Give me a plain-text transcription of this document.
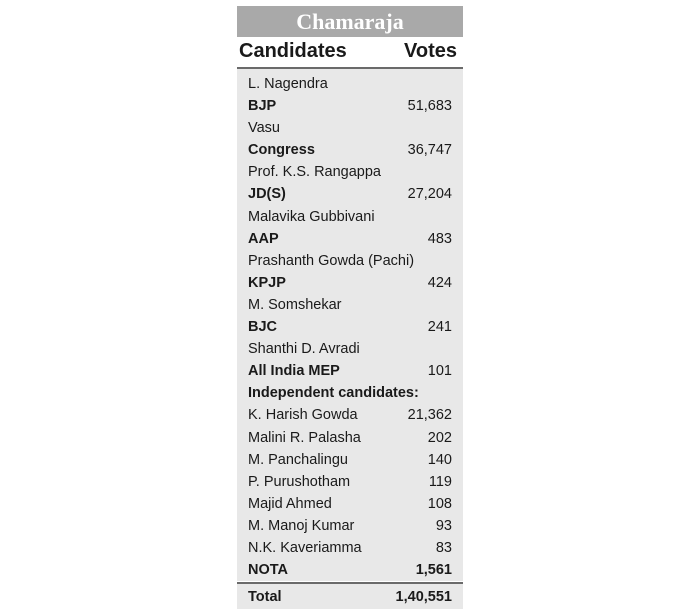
Chamaraja
Candidates	Votes
L. Nagendra
BJP	51,683
Vasu
Congress	36,747
Prof. K.S. Rangappa
JD(S)	27,204
Malavika Gubbivani
AAP	483
Prashanth Gowda (Pachi)
KPJP	424
M. Somshekar
BJC	241
Shanthi D. Avradi
All India MEP	101
Independent candidates:
K. Harish Gowda	21,362
Malini R. Palasha	202
M. Panchalingu	140
P. Purushotham	119
Majid Ahmed	108
M. Manoj Kumar	93
N.K. Kaveriamma	83
NOTA	1,561
Total	1,40,551
